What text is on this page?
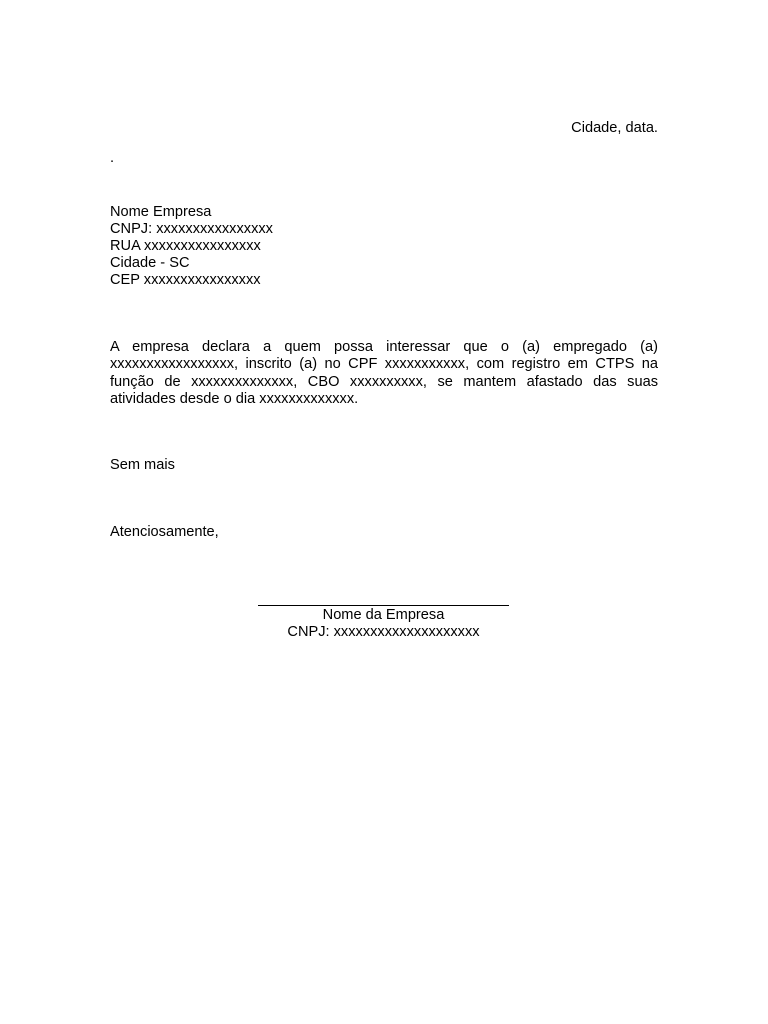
Cidade, data.
.
Nome Empresa
CNPJ: xxxxxxxxxxxxxxxx
RUA xxxxxxxxxxxxxxxx
Cidade - SC
CEP xxxxxxxxxxxxxxxx
A empresa declara a quem possa interessar que o (a) empregado (a) xxxxxxxxxxxxxxxxx, inscrito (a) no CPF xxxxxxxxxxx, com registro em CTPS na função de xxxxxxxxxxxxxx, CBO xxxxxxxxxx, se mantem afastado das suas atividades desde o dia xxxxxxxxxxxxx.
Sem mais
Atenciosamente,
Nome da Empresa
CNPJ: xxxxxxxxxxxxxxxxxxxx
